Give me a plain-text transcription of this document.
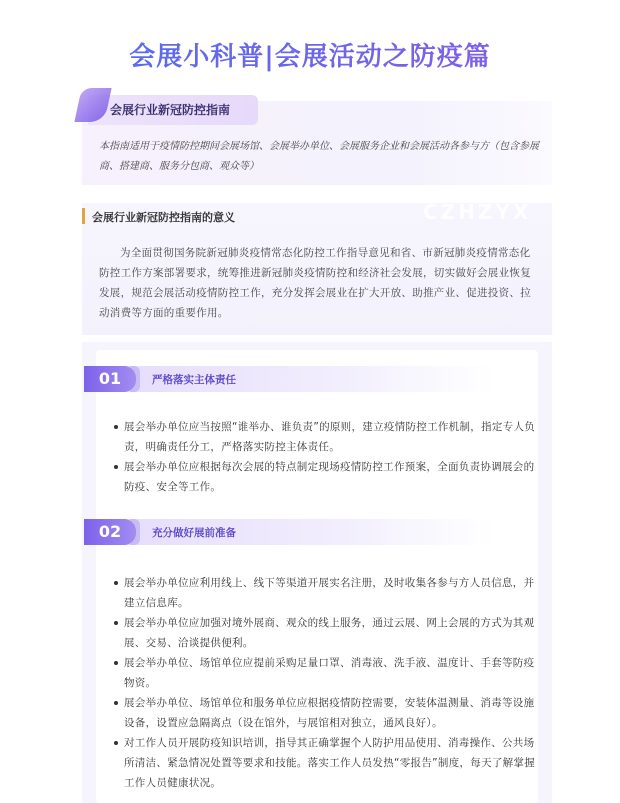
会展小科普|会展活动之防疫篇
会展行业新冠防控指南
本指南适用于疫情防控期间会展场馆、会展举办单位、会展服务企业和会展活动各参与方（包含参展商、搭建商、服务分包商、观众等）
会展行业新冠防控指南的意义	CZHZYX
为全面贯彻国务院新冠肺炎疫情常态化防控工作指导意见和省、市新冠肺炎疫情常态化防控工作方案部署要求，统筹推进新冠肺炎疫情防控和经济社会发展，切实做好会展业恢复发展，规范会展活动疫情防控工作，充分发挥会展业在扩大开放、助推产业、促进投资、拉动消费等方面的重要作用。
01	严格落实主体责任
展会举办单位应当按照“谁举办、谁负责”的原则，建立疫情防控工作机制，指定专人负责，明确责任分工，严格落实防控主体责任。
展会举办单位应根据每次会展的特点制定现场疫情防控工作预案，全面负责协调展会的防疫、安全等工作。
02	充分做好展前准备
展会举办单位应利用线上、线下等渠道开展实名注册，及时收集各参与方人员信息，并建立信息库。
展会举办单位应加强对境外展商、观众的线上服务，通过云展、网上会展的方式为其观展、交易、洽谈提供便利。
展会举办单位、场馆单位应提前采购足量口罩、消毒液、洗手液、温度计、手套等防疫物资。
展会举办单位、场馆单位和服务单位应根据疫情防控需要，安装体温测量、消毒等设施设备，设置应急隔离点（设在馆外，与展馆相对独立，通风良好）。
对工作人员开展防疫知识培训，指导其正确掌握个人防护用品使用、消毒操作、公共场所清洁、紧急情况处置等要求和技能。落实工作人员发热“零报告”制度，每天了解掌握工作人员健康状况。
